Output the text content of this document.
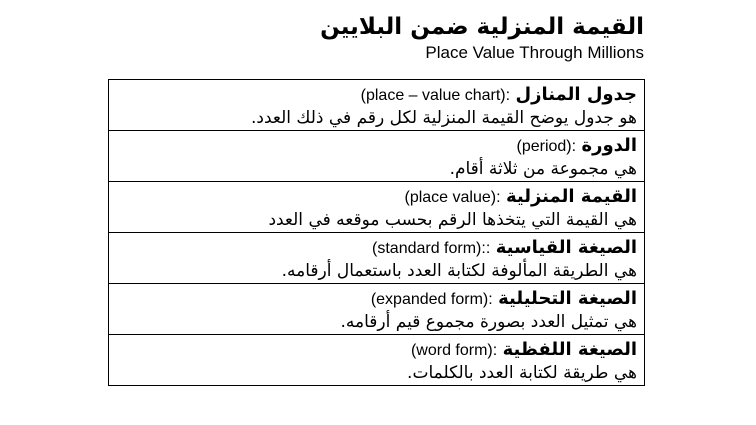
القيمة المنزلية ضمن البلايين
Place Value Through Millions
جدول المنازل (place – value chart):
هو جدول يوضح القيمة المنزلية لكل رقم في ذلك العدد.

الدورة (period):
هي مجموعة من ثلاثة أقام.

القيمة المنزلية (place value):
هي القيمة التي يتخذها الرقم بحسب موقعه في العدد

الصيغة القياسية (standard form)::
هي الطريقة المألوفة لكتابة العدد باستعمال أرقامه.

الصيغة التحليلية (expanded form):
هي تمثيل العدد بصورة مجموع قيم أرقامه.

الصيغة اللفظية (word form):
هي طريقة لكتابة العدد بالكلمات.
